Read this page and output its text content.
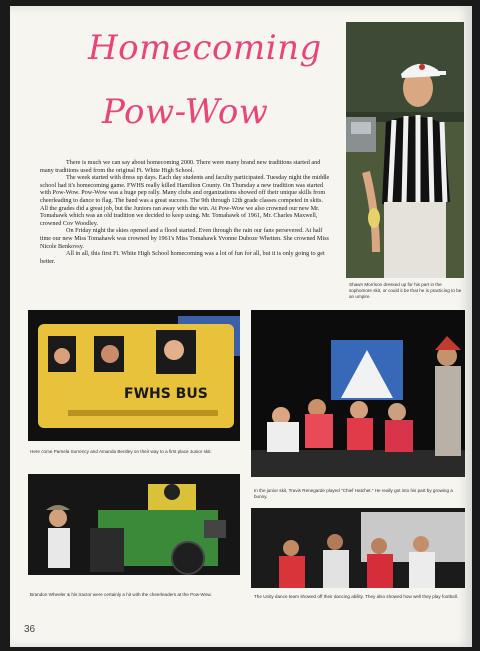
Homecoming
Pow-Wow

There is much we can say about homecoming 2000. There were many brand new traditions started and many traditions used from the original Ft. White High School.

The week started with dress up days. Each day students and faculty participated. Tuesday night the middle school had it's homecoming game. FWHS really killed Hamilton County. On Thursday a new tradition was started with Pow-Wow. Pow-Wow was a huge pep rally. Many clubs and organizations showed off their unique skills from cheerleading to dance to flag. The band was a great success. The 9th through 12th grade classes competed in skits. All the grades did a great job, but the Juniors ran away with the win. At Pow-Wow we also crowned our new Mr. Tomahawk which was an old tradition we decided to keep using. Mr. Tomahawk of 1961, Mr. Charles Maxwell, crowned Cov Woodley.

On Friday night the skies opened and a flood started. Even through the rain our fans persevered. At half time our new Miss Tomahawk was crowned by 1961's Miss Tomahawk Yvonne Duboze Whetten. She crowned Miss Nicole Benkovsy.

All in all, this first Ft. White High School homecoming was a lot of fun for all, but it is only going to get better.

Shawn Morrison dressed up for his part in the sophomore skit, or could it be that he is practicing to be an umpire.
FWHS BUS
Here come Pamela Surrency and Amanda Bentley on their way to a first place Junior skit.
In the junior skit, Travis Renegarde played "Chief Hatchet." He really got into his part by growing a bunny.
Brandon Wheeler & his tractor were certainly a hit with the cheerleaders at the Pow-Wow.	The Unity dance team showed off their dancing ability. They also showed how well they play football.
36
